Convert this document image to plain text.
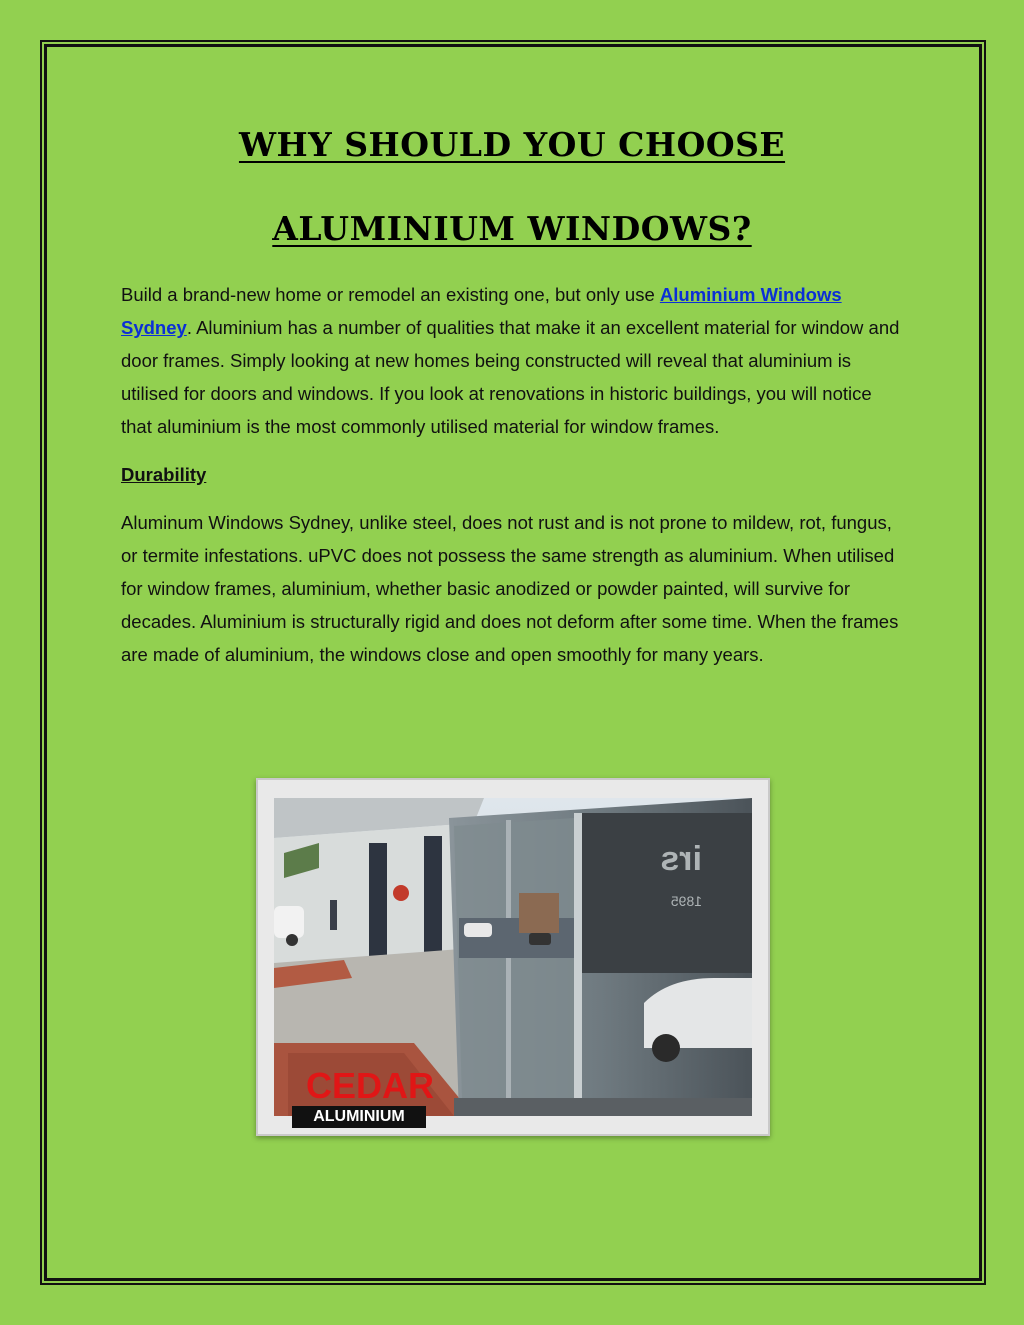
WHY SHOULD YOU CHOOSE
ALUMINIUM WINDOWS?

Build a brand-new home or remodel an existing one, but only use Aluminium Windows Sydney. Aluminium has a number of qualities that make it an excellent material for window and door frames. Simply looking at new homes being constructed will reveal that aluminium is utilised for doors and windows. If you look at renovations in historic buildings, you will notice that aluminium is the most commonly utilised material for window frames.

Durability

Aluminum Windows Sydney, unlike steel, does not rust and is not prone to mildew, rot, fungus, or termite infestations. uPVC does not possess the same strength as aluminium. When utilised for window frames, aluminium, whether basic anodized or powder painted, will survive for decades. Aluminium is structurally rigid and does not deform after some time. When the frames are made of aluminium, the windows close and open smoothly for many years.

irs
1895
CEDAR
ALUMINIUM
